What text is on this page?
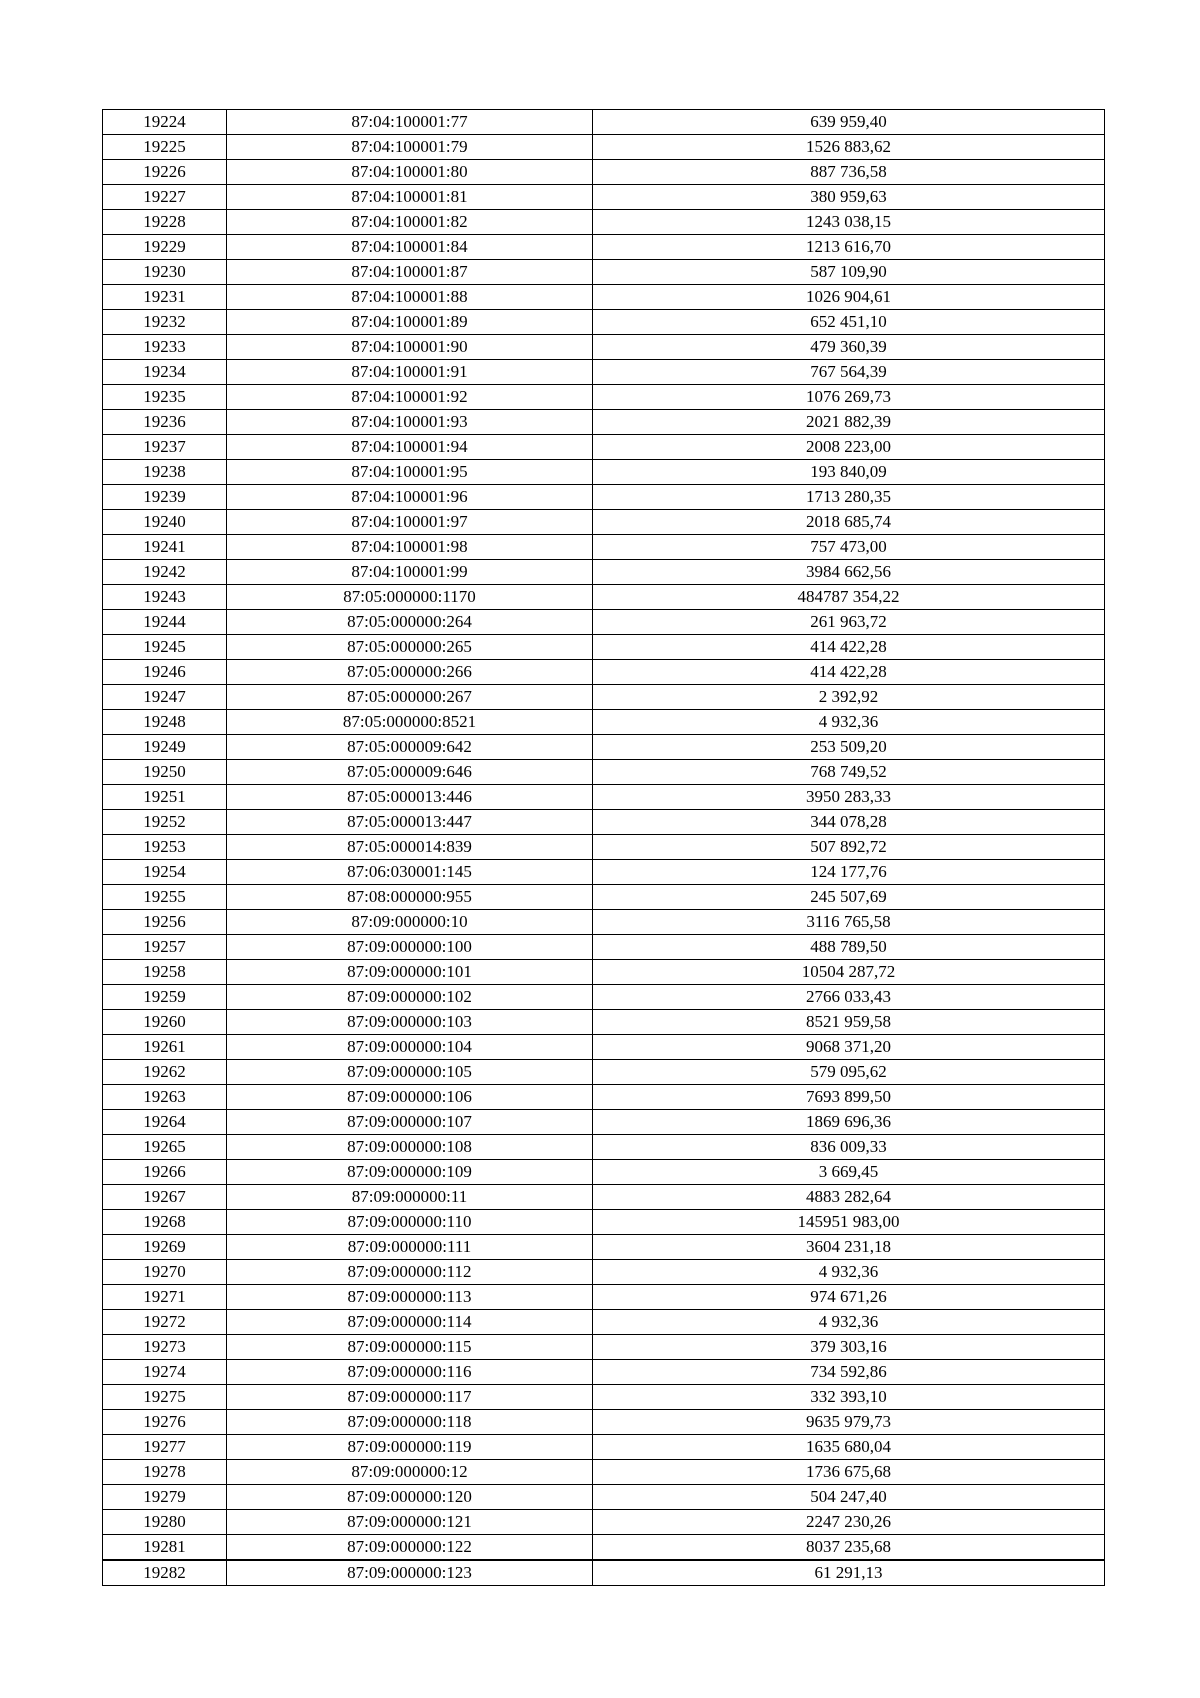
19224	87:04:100001:77	639 959,40
19225	87:04:100001:79	1526 883,62
19226	87:04:100001:80	887 736,58
19227	87:04:100001:81	380 959,63
19228	87:04:100001:82	1243 038,15
19229	87:04:100001:84	1213 616,70
19230	87:04:100001:87	587 109,90
19231	87:04:100001:88	1026 904,61
19232	87:04:100001:89	652 451,10
19233	87:04:100001:90	479 360,39
19234	87:04:100001:91	767 564,39
19235	87:04:100001:92	1076 269,73
19236	87:04:100001:93	2021 882,39
19237	87:04:100001:94	2008 223,00
19238	87:04:100001:95	193 840,09
19239	87:04:100001:96	1713 280,35
19240	87:04:100001:97	2018 685,74
19241	87:04:100001:98	757 473,00
19242	87:04:100001:99	3984 662,56
19243	87:05:000000:1170	484787 354,22
19244	87:05:000000:264	261 963,72
19245	87:05:000000:265	414 422,28
19246	87:05:000000:266	414 422,28
19247	87:05:000000:267	2 392,92
19248	87:05:000000:8521	4 932,36
19249	87:05:000009:642	253 509,20
19250	87:05:000009:646	768 749,52
19251	87:05:000013:446	3950 283,33
19252	87:05:000013:447	344 078,28
19253	87:05:000014:839	507 892,72
19254	87:06:030001:145	124 177,76
19255	87:08:000000:955	245 507,69
19256	87:09:000000:10	3116 765,58
19257	87:09:000000:100	488 789,50
19258	87:09:000000:101	10504 287,72
19259	87:09:000000:102	2766 033,43
19260	87:09:000000:103	8521 959,58
19261	87:09:000000:104	9068 371,20
19262	87:09:000000:105	579 095,62
19263	87:09:000000:106	7693 899,50
19264	87:09:000000:107	1869 696,36
19265	87:09:000000:108	836 009,33
19266	87:09:000000:109	3 669,45
19267	87:09:000000:11	4883 282,64
19268	87:09:000000:110	145951 983,00
19269	87:09:000000:111	3604 231,18
19270	87:09:000000:112	4 932,36
19271	87:09:000000:113	974 671,26
19272	87:09:000000:114	4 932,36
19273	87:09:000000:115	379 303,16
19274	87:09:000000:116	734 592,86
19275	87:09:000000:117	332 393,10
19276	87:09:000000:118	9635 979,73
19277	87:09:000000:119	1635 680,04
19278	87:09:000000:12	1736 675,68
19279	87:09:000000:120	504 247,40
19280	87:09:000000:121	2247 230,26
19281	87:09:000000:122	8037 235,68
19282	87:09:000000:123	61 291,13
